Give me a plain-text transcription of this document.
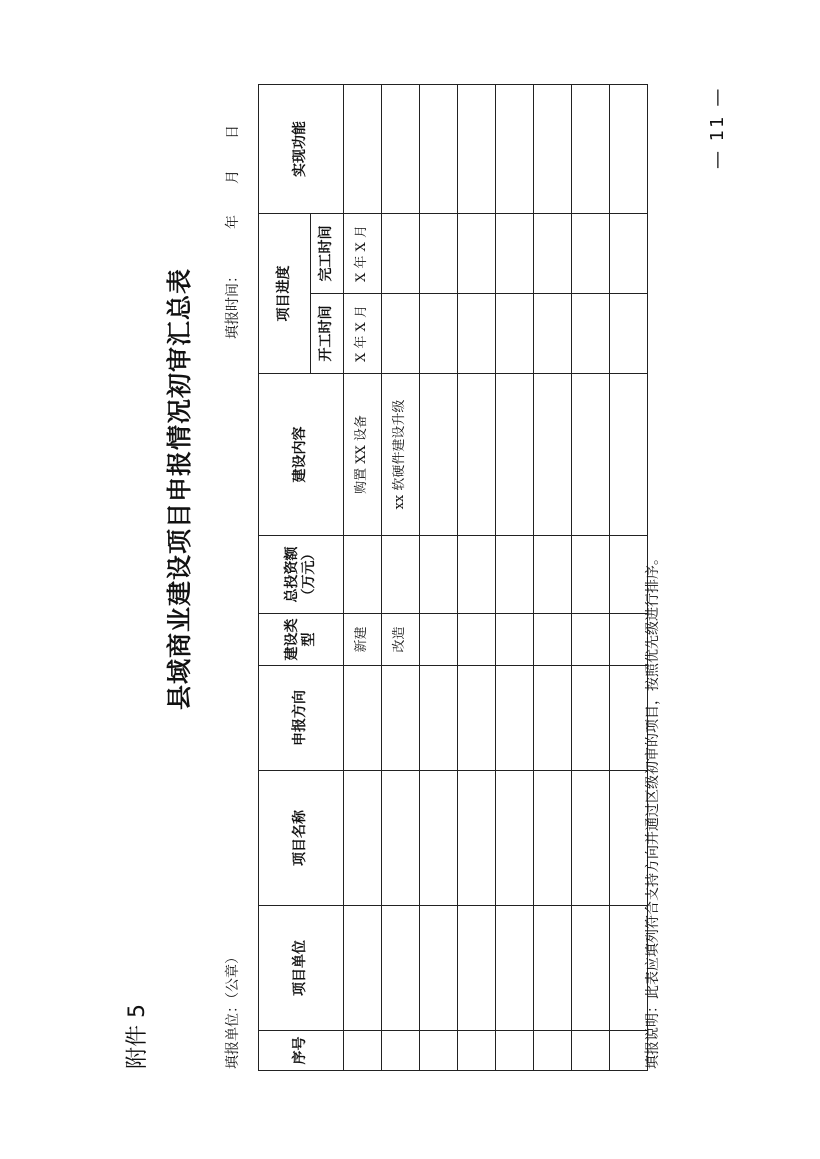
附件 5
县域商业建设项目申报情况初审汇总表
填报单位：（公章）
填报时间：
年
月
日
序号	项目单位	项目名称	申报方向	建设类型	总投资额（万元）	建设内容	项目进度		实现功能
							开工时间	完工时间	
				新建		购置 XX 设备	X 年 X 月	X 年 X 月	
				改造		xx 软硬件建设升级			

填报说明：此表应填列符合支持方向并通过区级初审的项目，按照优先级进行排序。
— 11 —
